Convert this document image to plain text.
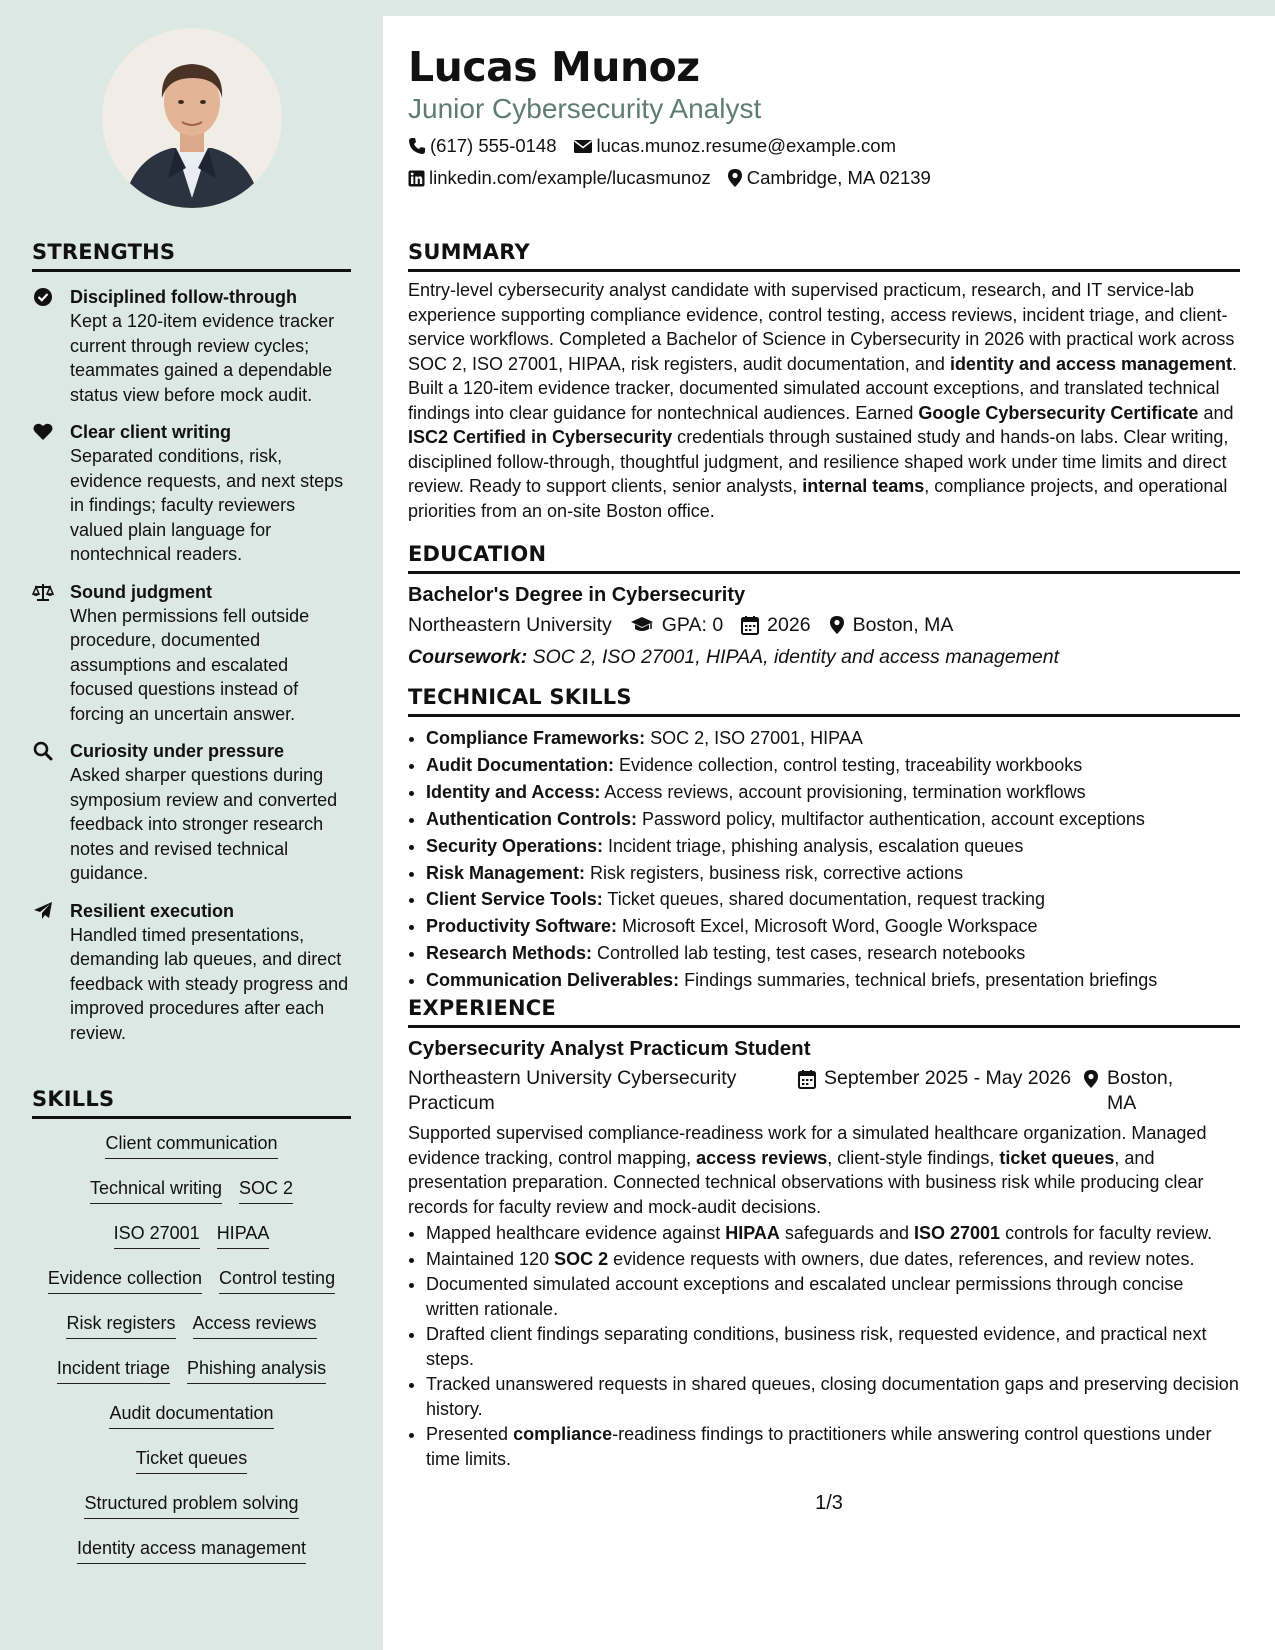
STRENGTHS
Disciplined follow-through
Kept a 120-item evidence tracker current through review cycles; teammates gained a dependable status view before mock audit.
Clear client writing
Separated conditions, risk, evidence requests, and next steps in findings; faculty reviewers valued plain language for nontechnical readers.
Sound judgment
When permissions fell outside procedure, documented assumptions and escalated focused questions instead of forcing an uncertain answer.
Curiosity under pressure
Asked sharper questions during symposium review and converted feedback into stronger research notes and revised technical guidance.
Resilient execution
Handled timed presentations, demanding lab queues, and direct feedback with steady progress and improved procedures after each review.
SKILLS
Client communication
Technical writing SOC 2
ISO 27001 HIPAA
Evidence collection Control testing
Risk registers Access reviews
Incident triage Phishing analysis
Audit documentation
Ticket queues
Structured problem solving
Identity access management
Lucas Munoz
Junior Cybersecurity Analyst
(617) 555-0148 lucas.munoz.resume@example.com
linkedin.com/example/lucasmunoz Cambridge, MA 02139
SUMMARY

Entry-level cybersecurity analyst candidate with supervised practicum, research, and IT service-lab experience supporting compliance evidence, control testing, access reviews, incident triage, and client-service workflows. Completed a Bachelor of Science in Cybersecurity in 2026 with practical work across SOC 2, ISO 27001, HIPAA, risk registers, audit documentation, and identity and access management. Built a 120-item evidence tracker, documented simulated account exceptions, and translated technical findings into clear guidance for nontechnical audiences. Earned Google Cybersecurity Certificate and ISC2 Certified in Cybersecurity credentials through sustained study and hands-on labs. Clear writing, disciplined follow-through, thoughtful judgment, and resilience shaped work under time limits and direct review. Ready to support clients, senior analysts, internal teams, compliance projects, and operational priorities from an on-site Boston office.

EDUCATION
Bachelor's Degree in Cybersecurity
Northeastern University	GPA: 0 2026 Boston, MA
Coursework: SOC 2, ISO 27001, HIPAA, identity and access management
TECHNICAL SKILLS
• Compliance Frameworks: SOC 2, ISO 27001, HIPAA
• Audit Documentation: Evidence collection, control testing, traceability workbooks
• Identity and Access: Access reviews, account provisioning, termination workflows
• Authentication Controls: Password policy, multifactor authentication, account exceptions
• Security Operations: Incident triage, phishing analysis, escalation queues
• Risk Management: Risk registers, business risk, corrective actions
• Client Service Tools: Ticket queues, shared documentation, request tracking
• Productivity Software: Microsoft Excel, Microsoft Word, Google Workspace
• Research Methods: Controlled lab testing, test cases, research notebooks
• Communication Deliverables: Findings summaries, technical briefs, presentation briefings
EXPERIENCE
Cybersecurity Analyst Practicum Student
Northeastern University Cybersecurity Practicum
September 2025 - May 2026 Boston, MA

Supported supervised compliance-readiness work for a simulated healthcare organization. Managed evidence tracking, control mapping, access reviews, client-style findings, ticket queues, and presentation preparation. Connected technical observations with business risk while producing clear records for faculty review and mock-audit decisions.

• Mapped healthcare evidence against HIPAA safeguards and ISO 27001 controls for faculty review.
• Maintained 120 SOC 2 evidence requests with owners, due dates, references, and review notes.
• Documented simulated account exceptions and escalated unclear permissions through concise written rationale.
• Drafted client findings separating conditions, business risk, requested evidence, and practical next steps.
• Tracked unanswered requests in shared queues, closing documentation gaps and preserving decision history.
• Presented compliance-readiness findings to practitioners while answering control questions under time limits.
1/3
